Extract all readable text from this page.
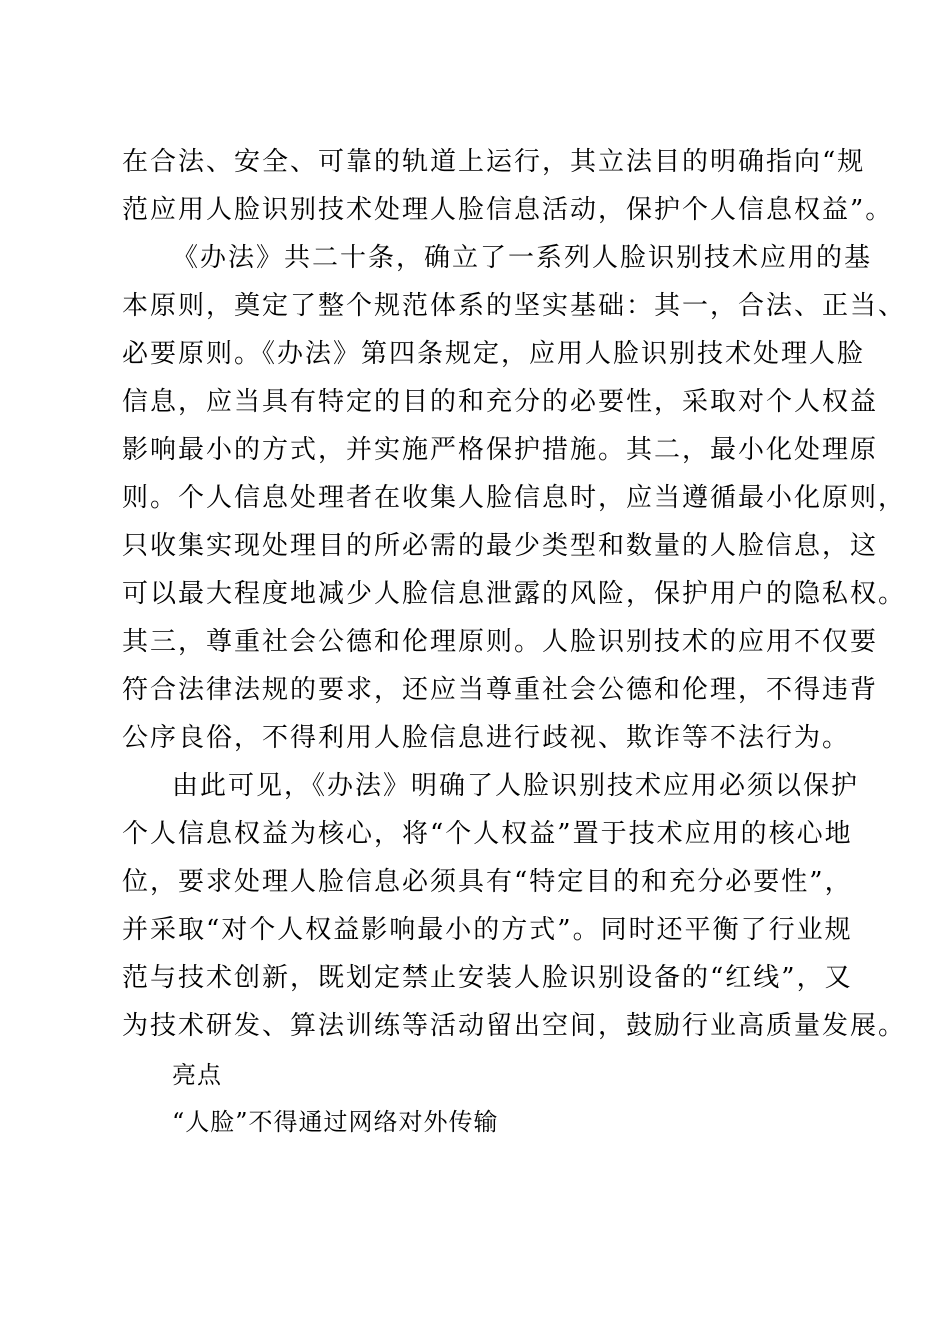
在合法、安全、可靠的轨道上运行，其立法目的明确指向“规
范应用人脸识别技术处理人脸信息活动，保护个人信息权益”。
《办法》共二十条，确立了一系列人脸识别技术应用的基
本原则，奠定了整个规范体系的坚实基础：其一，合法、正当、
必要原则。《办法》第四条规定，应用人脸识别技术处理人脸
信息，应当具有特定的目的和充分的必要性，采取对个人权益
影响最小的方式，并实施严格保护措施。其二，最小化处理原
则。个人信息处理者在收集人脸信息时，应当遵循最小化原则，
只收集实现处理目的所必需的最少类型和数量的人脸信息，这
可以最大程度地减少人脸信息泄露的风险，保护用户的隐私权。
其三，尊重社会公德和伦理原则。人脸识别技术的应用不仅要
符合法律法规的要求，还应当尊重社会公德和伦理，不得违背
公序良俗，不得利用人脸信息进行歧视、欺诈等不法行为。
由此可见，《办法》明确了人脸识别技术应用必须以保护
个人信息权益为核心，将“个人权益”置于技术应用的核心地
位，要求处理人脸信息必须具有“特定目的和充分必要性”，
并采取“对个人权益影响最小的方式”。同时还平衡了行业规
范与技术创新，既划定禁止安装人脸识别设备的“红线”，又
为技术研发、算法训练等活动留出空间，鼓励行业高质量发展。
亮点
“人脸”不得通过网络对外传输
